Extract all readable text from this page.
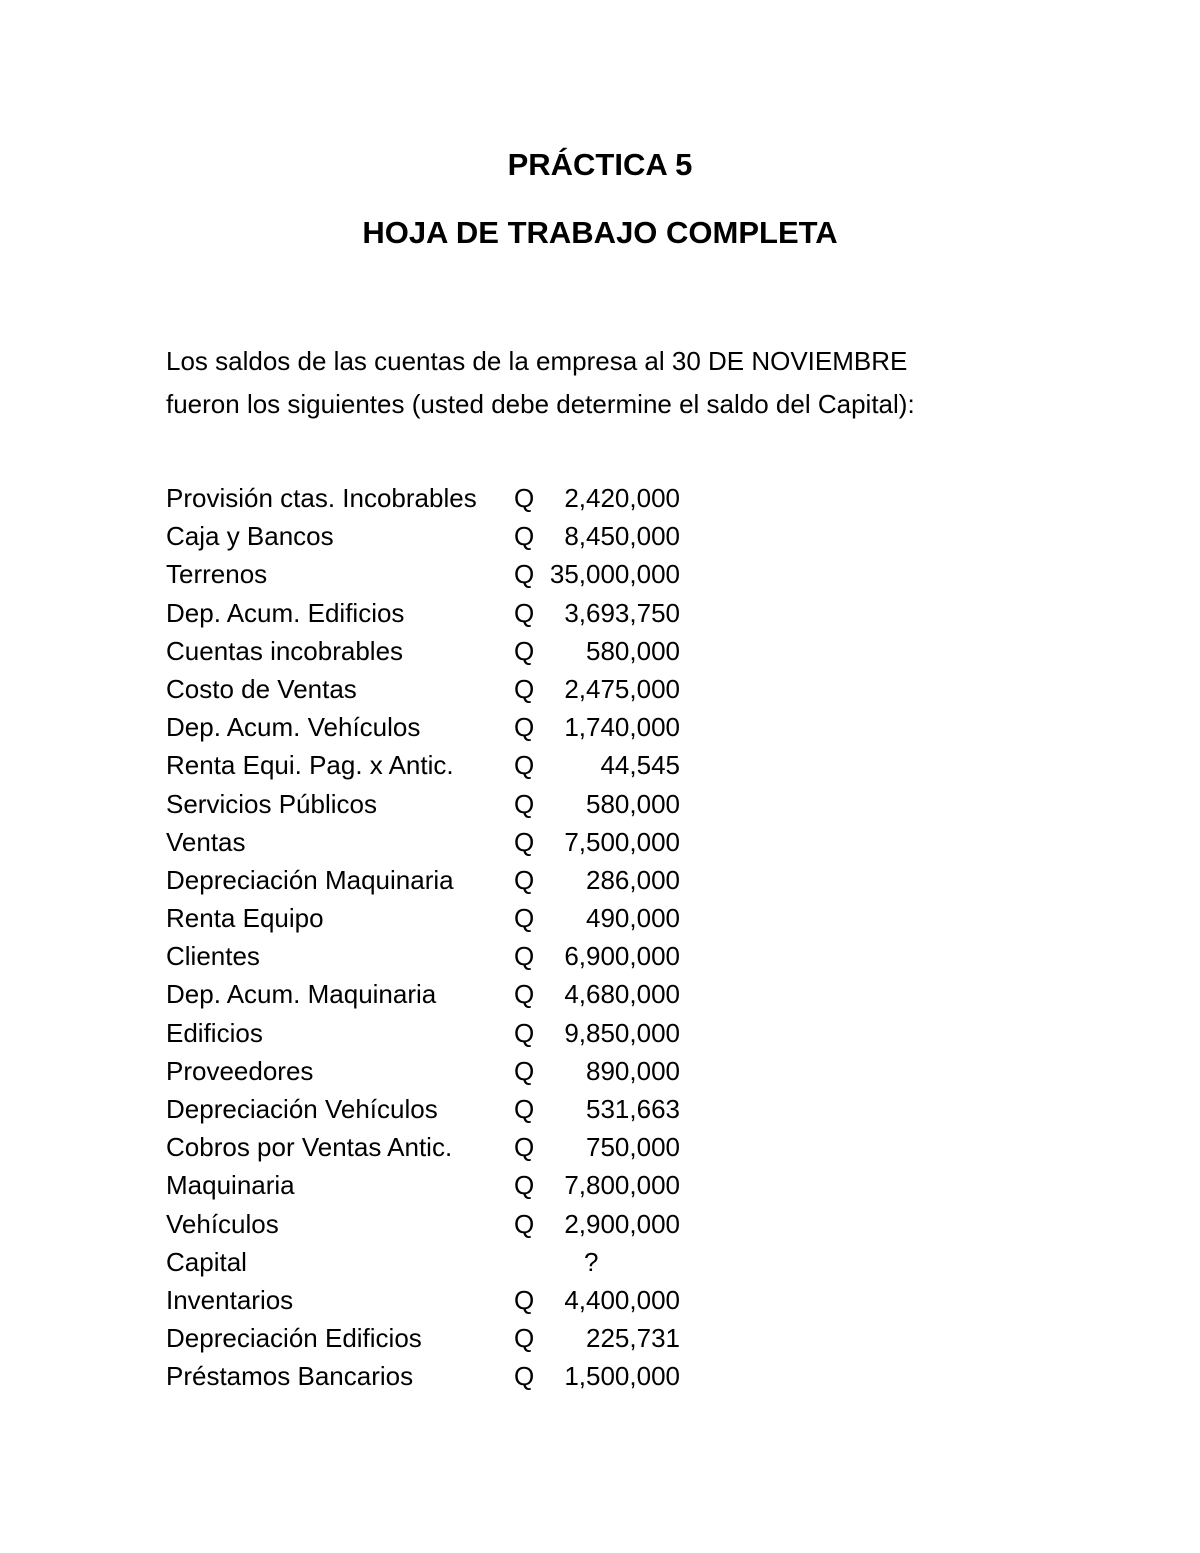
PRÁCTICA 5
HOJA DE TRABAJO COMPLETA
Los saldos de las cuentas de la empresa al 30 DE NOVIEMBRE
fueron los siguientes (usted debe determine el saldo del Capital):
Provisión ctas. Incobrables Q 2,420,000
Caja y Bancos	Q 8,450,000
Terrenos	Q 35,000,000
Dep. Acum. Edificios	Q 3,693,750
Cuentas incobrables	Q 580,000
Costo de Ventas	Q 2,475,000
Dep. Acum. Vehículos	Q 1,740,000
Renta Equi. Pag. x Antic. Q	44,545
Servicios Públicos	Q 580,000
Ventas	Q 7,500,000
Depreciación Maquinaria Q 286,000
Renta Equipo	Q 490,000
Clientes	Q 6,900,000
Dep. Acum. Maquinaria	Q 4,680,000
Edificios	Q 9,850,000
Proveedores	Q 890,000
Depreciación Vehículos	Q 531,663
Cobros por Ventas Antic. Q 750,000
Maquinaria	Q 7,800,000
Vehículos	Q 2,900,000
Capital	?
Inventarios	Q 4,400,000
Depreciación Edificios	Q 225,731
Préstamos Bancarios	Q 1,500,000
